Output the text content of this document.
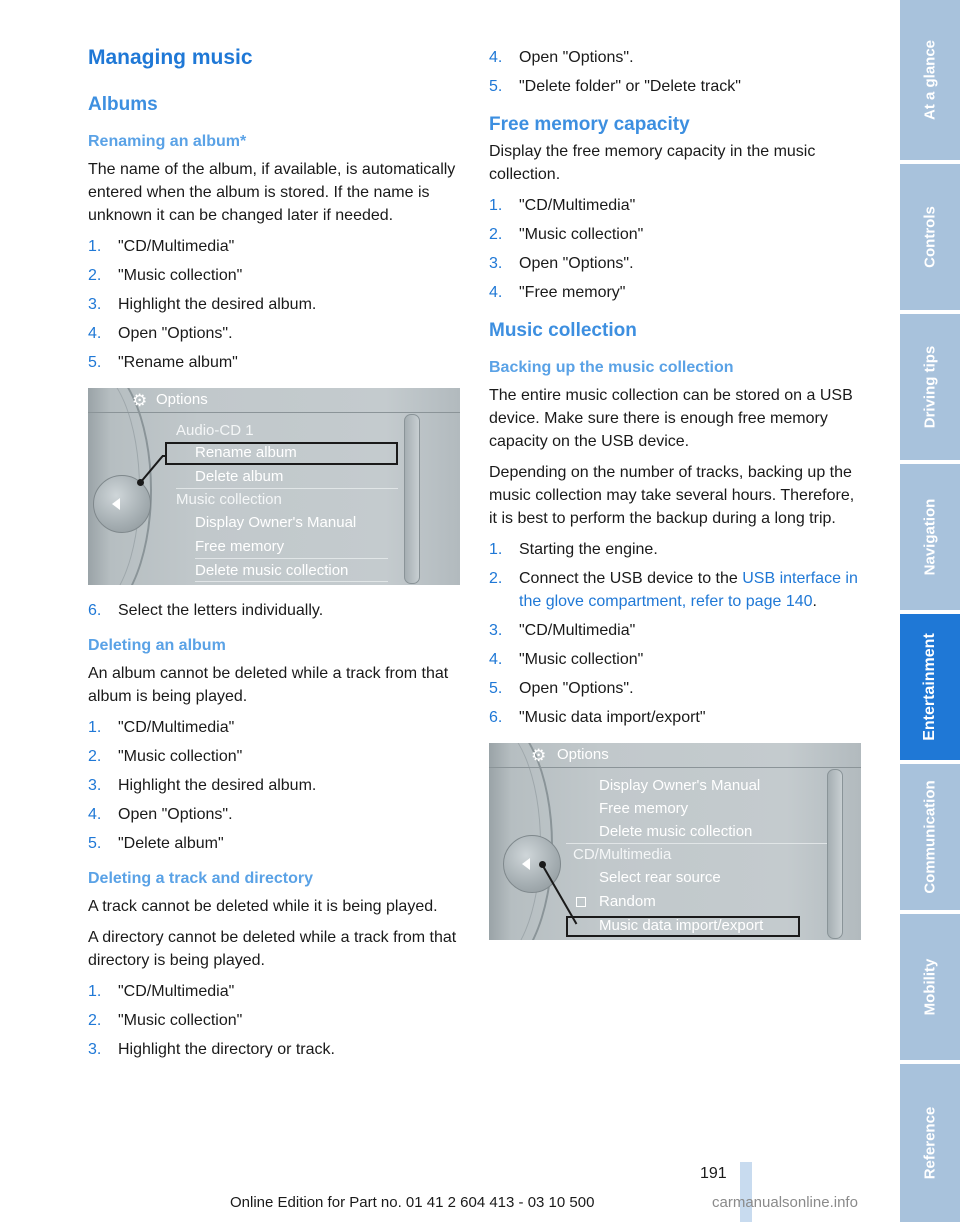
Managing music
Albums
Renaming an album*

The name of the album, if available, is automatically entered when the album is stored. If the name is unknown it can be changed later if needed.

1. "CD/Multimedia"
2. "Music collection"
3. Highlight the desired album.
4. Open "Options".
5. "Rename album"
⚙ Options
Audio-CD 1
Rename album
Delete album
Music collection
Display Owner's Manual
Free memory
Delete music collection
6. Select the letters individually.
Deleting an album

An album cannot be deleted while a track from that album is being played.

1. "CD/Multimedia"
2. "Music collection"
3. Highlight the desired album.
4. Open "Options".
5. "Delete album"
Deleting a track and directory

A track cannot be deleted while it is being played.

A directory cannot be deleted while a track from that directory is being played.

1. "CD/Multimedia"
2. "Music collection"
3. Highlight the directory or track.
4. Open "Options".
5. "Delete folder" or "Delete track"
Free memory capacity

Display the free memory capacity in the music collection.

1. "CD/Multimedia"
2. "Music collection"
3. Open "Options".
4. "Free memory"
Music collection
Backing up the music collection

The entire music collection can be stored on a USB device. Make sure there is enough free memory capacity on the USB device.

Depending on the number of tracks, backing up the music collection may take several hours. Therefore, it is best to perform the backup during a long trip.

1. Starting the engine.
2. Connect the USB device to the USB interface in the glove compartment, refer to page 140.
3. "CD/Multimedia"
4. "Music collection"
5. Open "Options".
6. "Music data import/export"
⚙ Options
Display Owner's Manual
Free memory
Delete music collection
CD/Multimedia
Select rear source
Random
Music data import/export
At a glance
Controls
Driving tips
Navigation
Entertainment
Communication
Mobility
Reference
191
Online Edition for Part no. 01 41 2 604 413 - 03 10 500	carmanualsonline.info
